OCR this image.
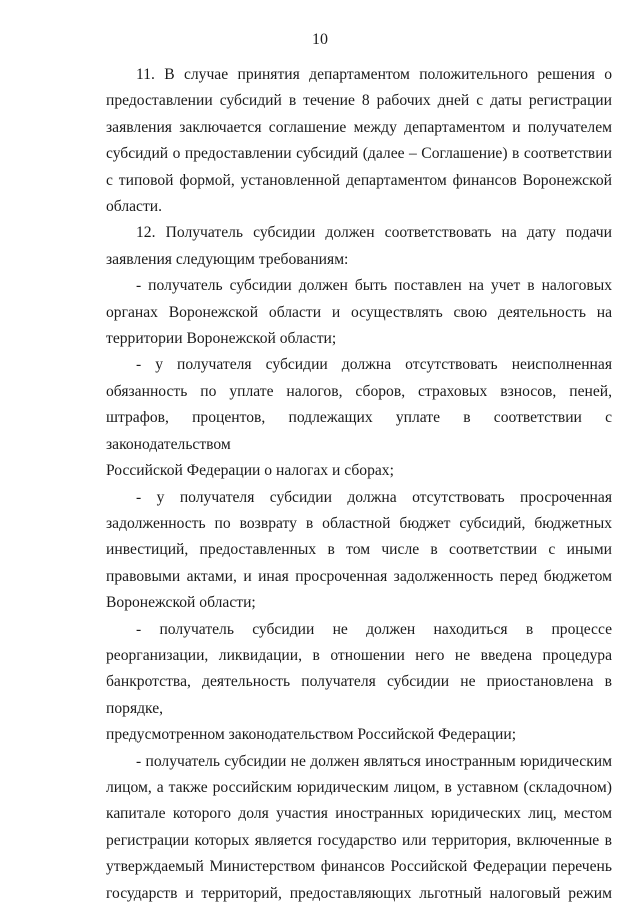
10

11. В случае принятия департаментом положительного решения о предоставлении субсидий в течение 8 рабочих дней с даты регистрации заявления заключается соглашение между департаментом и получателем субсидий о предоставлении субсидий (далее – Соглашение) в соответствии с типовой формой, установленной департаментом финансов Воронежской
области.

12. Получатель субсидии должен соответствовать на дату подачи
заявления следующим требованиям:

- получатель субсидии должен быть поставлен на учет в налоговых органах Воронежской области и осуществлять свою деятельность на
территории Воронежской области;

- у получателя субсидии должна отсутствовать неисполненная обязанность по уплате налогов, сборов, страховых взносов, пеней, штрафов, процентов, подлежащих уплате в соответствии с законодательством
Российской Федерации о налогах и сборах;

- у получателя субсидии должна отсутствовать просроченная задолженность по возврату в областной бюджет субсидий, бюджетных инвестиций, предоставленных в том числе в соответствии с иными правовыми актами, и иная просроченная задолженность перед бюджетом
Воронежской области;

- получатель субсидии не должен находиться в процессе реорганизации, ликвидации, в отношении него не введена процедура банкротства, деятельность получателя субсидии не приостановлена в порядке,
предусмотренном законодательством Российской Федерации;

- получатель субсидии не должен являться иностранным юридическим лицом, а также российским юридическим лицом, в уставном (складочном) капитале которого доля участия иностранных юридических лиц, местом регистрации которых является государство или территория, включенные в утверждаемый Министерством финансов Российской Федерации перечень государств и территорий, предоставляющих льготный налоговый режим
